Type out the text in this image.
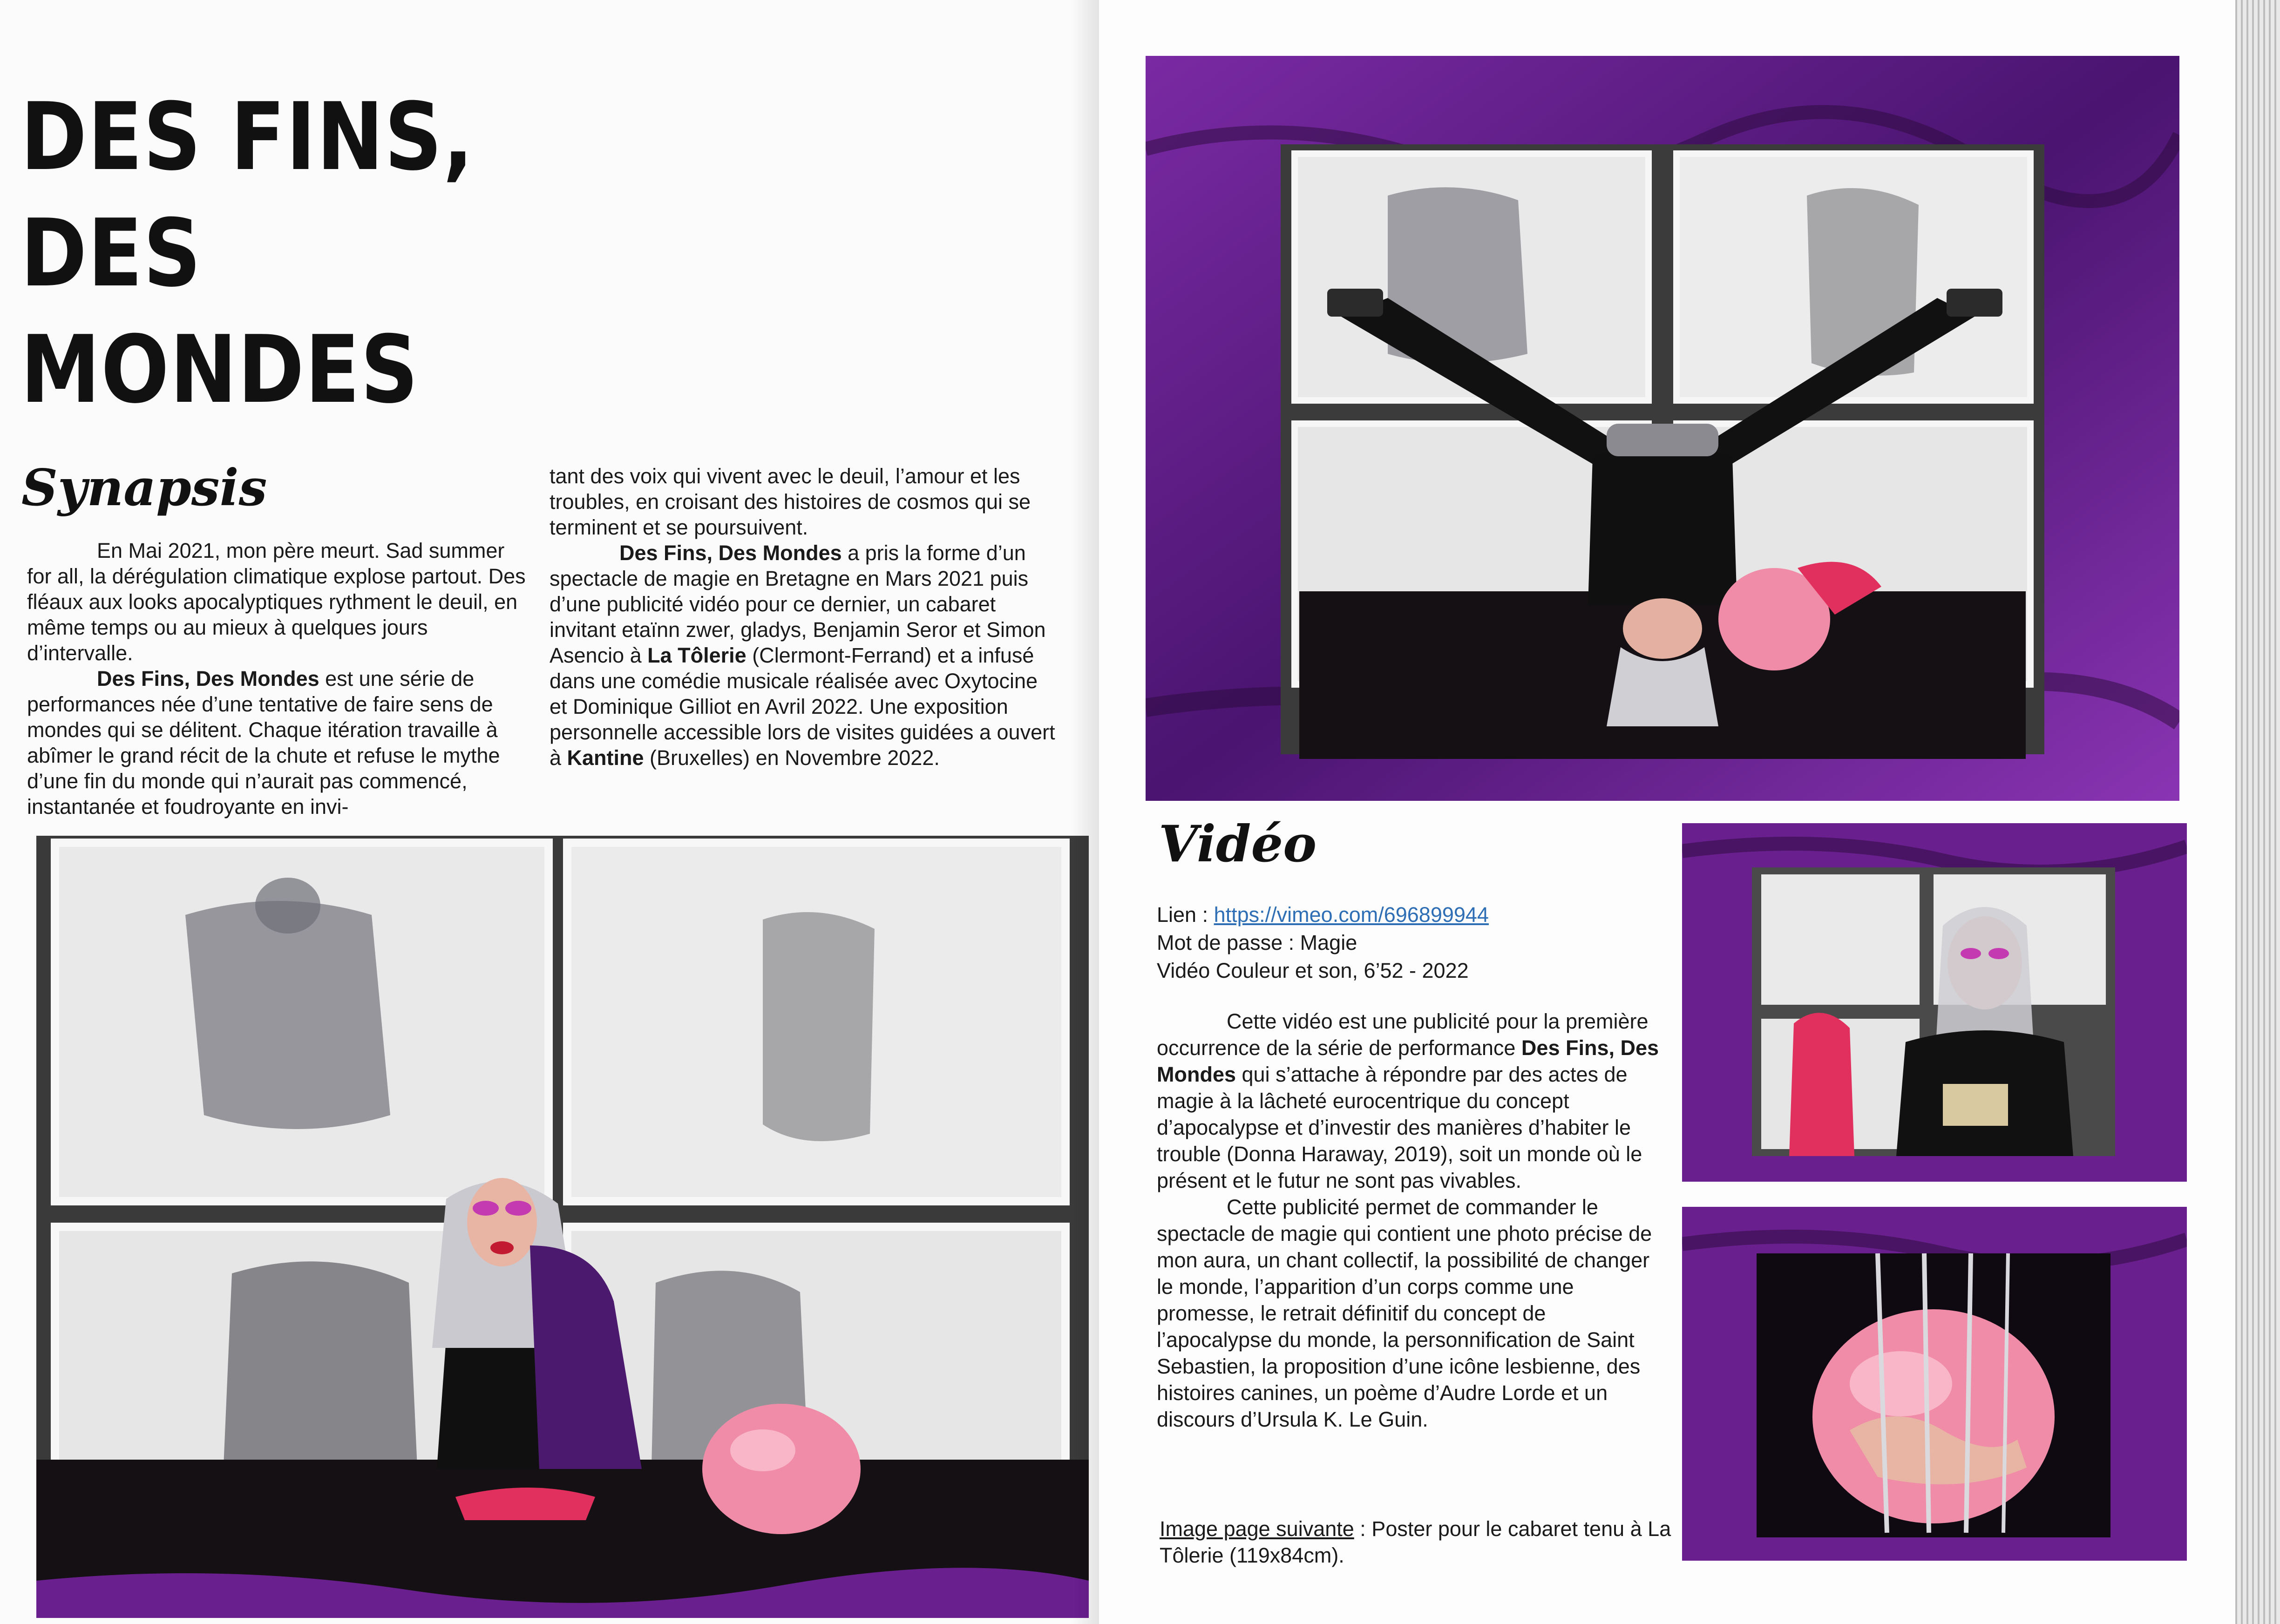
DES FINS, DES
MONDES
Synapsis

En Mai 2021, mon père meurt. Sad summer for all, la dérégulation climatique explose partout. Des fléaux aux looks apocalyptiques rythment le deuil, en même temps ou au mieux à quelques jours d’intervalle.

Des Fins, Des Mondes est une série de performances née d’une tentative de faire sens de mondes qui se délitent. Chaque itération travaille à abîmer le grand récit de la chute et refuse le mythe d’une fin du monde qui n’aurait pas commencé, instantanée et foudroyante en invi-

tant des voix qui vivent avec le deuil, l’amour et les troubles, en croisant des histoires de cosmos qui se terminent et se poursuivent.

Des Fins, Des Mondes a pris la forme d’un spectacle de magie en Bretagne en Mars 2021 puis d’une publicité vidéo pour ce dernier, un cabaret invitant etaïnn zwer, gladys, Benjamin Seror et Simon Asencio à La Tôlerie (Clermont-Ferrand) et a infusé dans une comédie musicale réalisée avec Oxytocine et Dominique Gilliot en Avril 2022. Une exposition personnelle accessible lors de visites guidées a ouvert à Kantine (Bruxelles) en Novembre 2022.

Vidéo
Lien : https://vimeo.com/696899944
Mot de passe : Magie
Vidéo Couleur et son, 6’52 - 2022

Cette vidéo est une publicité pour la première occurrence de la série de performance Des Fins, Des Mondes qui s’attache à répondre par des actes de magie à la lâcheté eurocentrique du concept d’apocalypse et d’investir des manières d’habiter le trouble (Donna Haraway, 2019), soit un monde où le présent et le futur ne sont pas vivables.

Cette publicité permet de commander le spectacle de magie qui contient une photo précise de mon aura, un chant collectif, la possibilité de changer le monde, l’apparition d’un corps comme une promesse, le retrait définitif du concept de l’apocalypse du monde, la personnification de Saint Sebastien, la proposition d’une icône lesbienne, des histoires canines, un poème d’Audre Lorde et un discours d’Ursula K. Le Guin.

Image page suivante : Poster pour le cabaret tenu à La Tôlerie (119x84cm).
